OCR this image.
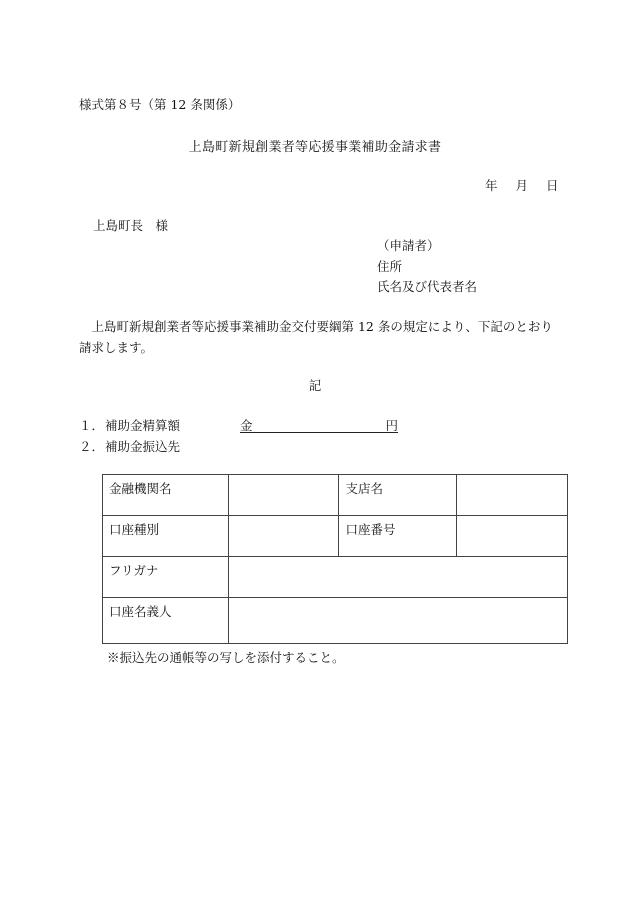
様式第８号（第 12 条関係）
上島町新規創業者等応援事業補助金請求書
年 月 日
上島町長　様
（申請者）
住所
氏名及び代表者名
上島町新規創業者等応援事業補助金交付要綱第 12 条の規定により、下記のとおり請求します。
記
１．補助金精算額	金	円
２．補助金振込先
金融機関名		支店名	
口座種別		口座番号	
フリガナ			
口座名義人			
※振込先の通帳等の写しを添付すること。
